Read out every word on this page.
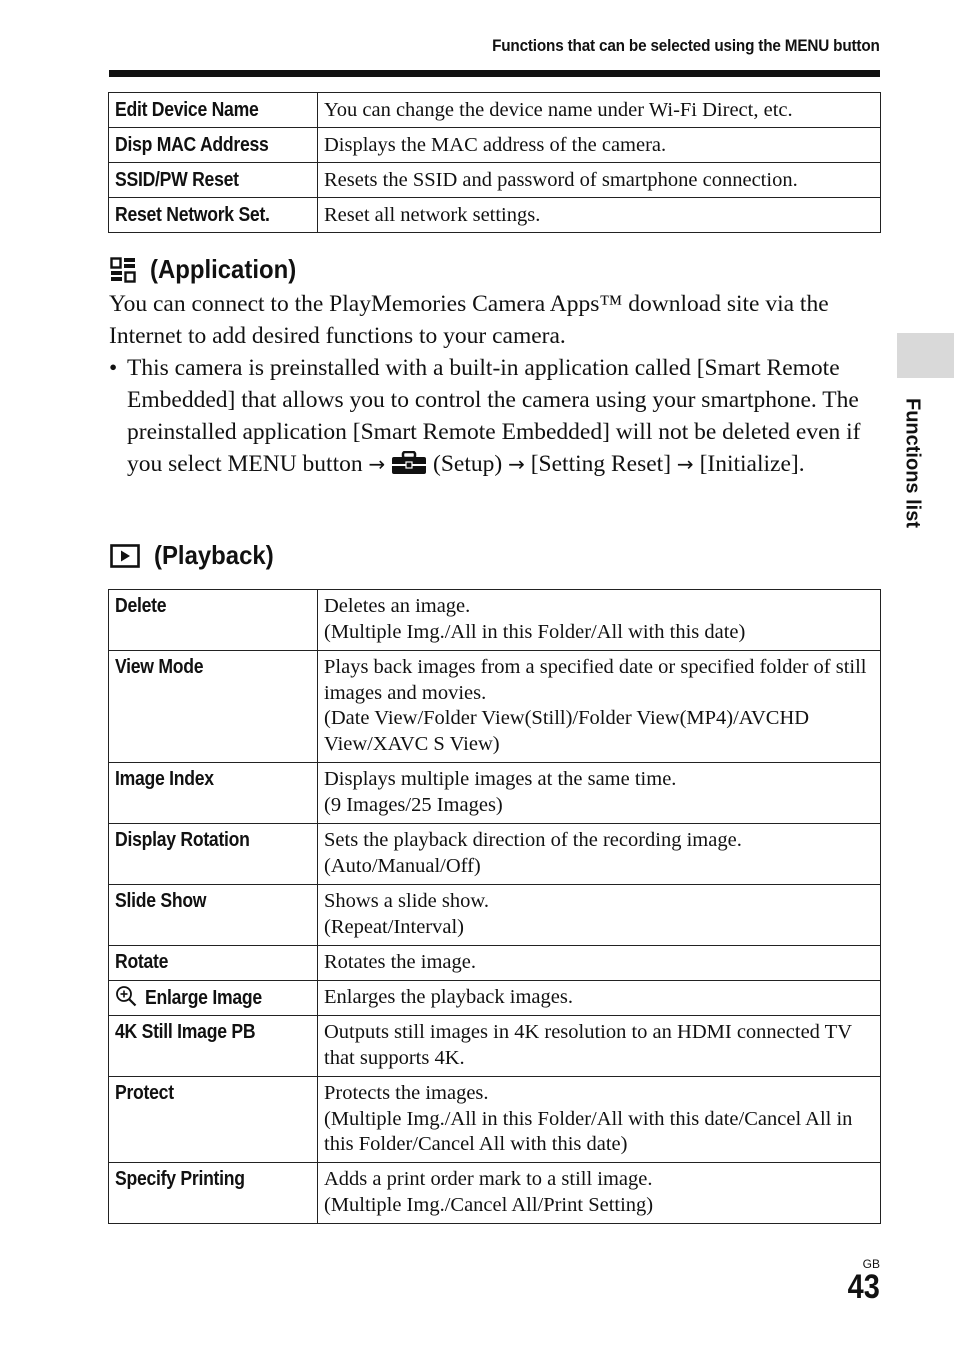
Functions that can be selected using the MENU button
Edit Device Name	You can change the device name under Wi-Fi Direct, etc.
Disp MAC Address	Displays the MAC address of the camera.
SSID/PW Reset	Resets the SSID and password of smartphone connection.
Reset Network Set.	Reset all network settings.
(Application)
You can connect to the PlayMemories Camera Apps™ download site via the Internet to add desired functions to your camera.
• This camera is preinstalled with a built-in application called [Smart Remote Embedded] that allows you to control the camera using your smartphone. The preinstalled application [Smart Remote Embedded] will not be deleted even if you select MENU button → (Setup) → [Setting Reset] → [Initialize].
(Playback)
Delete	Deletes an image.
(Multiple Img./All in this Folder/All with this date)

View Mode	Plays back images from a specified date or specified folder of still images and movies.
(Date View/Folder View(Still)/Folder View(MP4)/AVCHD View/XAVC S View)

Image Index	Displays multiple images at the same time.
(9 Images/25 Images)

Display Rotation	Sets the playback direction of the recording image.
(Auto/Manual/Off)

Slide Show	Shows a slide show.
(Repeat/Interval)

Rotate	Rotates the image.

Enlarge Image	Enlarges the playback images.

4K Still Image PB	Outputs still images in 4K resolution to an HDMI connected TV that supports 4K.

Protect	Protects the images.
(Multiple Img./All in this Folder/All with this date/Cancel All in this Folder/Cancel All with this date)

Specify Printing	Adds a print order mark to a still image.
(Multiple Img./Cancel All/Print Setting)
Functions list
GB
43
